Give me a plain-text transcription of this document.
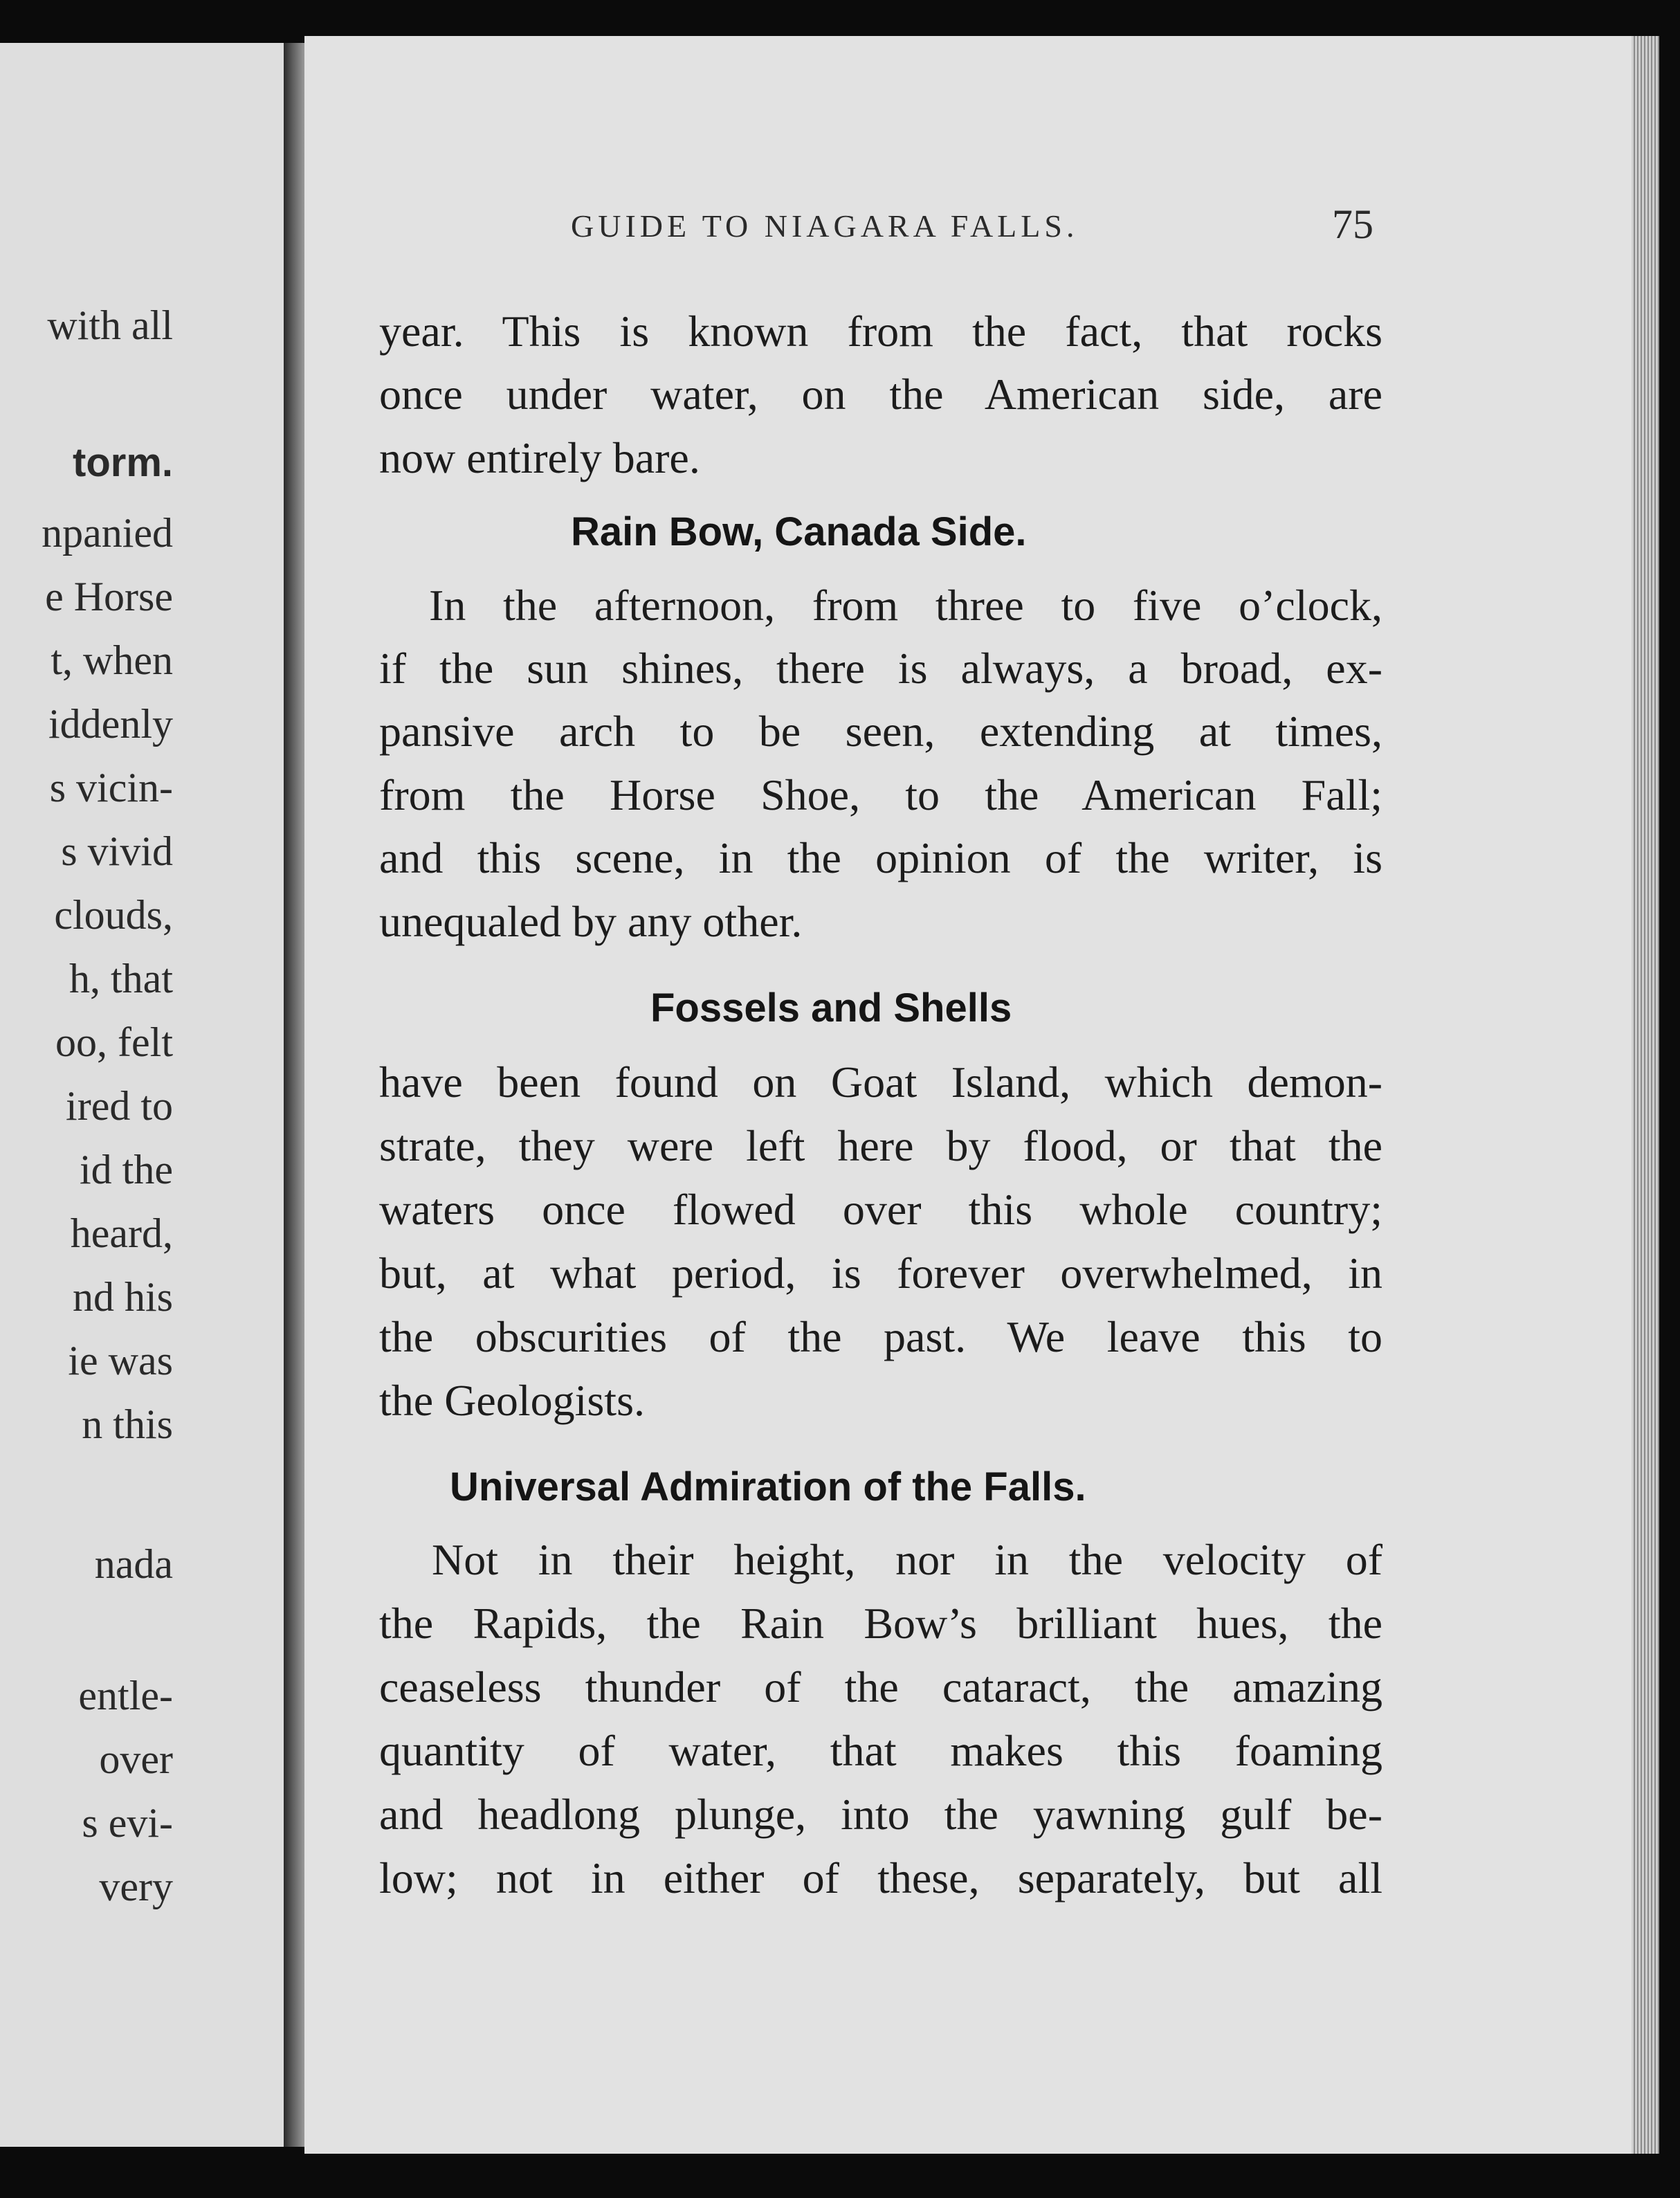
with all
torm.
npanied
e Horse
t, when
iddenly
s vicin-
s vivid
clouds,
h, that
oo, felt
ired to
id the
heard,
nd his
ie was
n this
nada
entle-
over
s evi-
very
GUIDE TO NIAGARA FALLS.	75
year. This is known from the fact, that rocks
once under water, on the American side, are
now entirely bare.
Rain Bow, Canada Side.
In the afternoon, from three to five o’clock,
if the sun shines, there is always, a broad, ex-
pansive arch to be seen, extending at times,
from the Horse Shoe, to the American Fall;
and this scene, in the opinion of the writer, is
unequaled by any other.
Fossels and Shells
have been found on Goat Island, which demon-
strate, they were left here by flood, or that the
waters once flowed over this whole country;
but, at what period, is forever overwhelmed, in
the obscurities of the past. We leave this to
the Geologists.
Universal Admiration of the Falls.
Not in their height, nor in the velocity of
the Rapids, the Rain Bow’s brilliant hues, the
ceaseless thunder of the cataract, the amazing
quantity of water, that makes this foaming
and headlong plunge, into the yawning gulf be-
low; not in either of these, separately, but all
